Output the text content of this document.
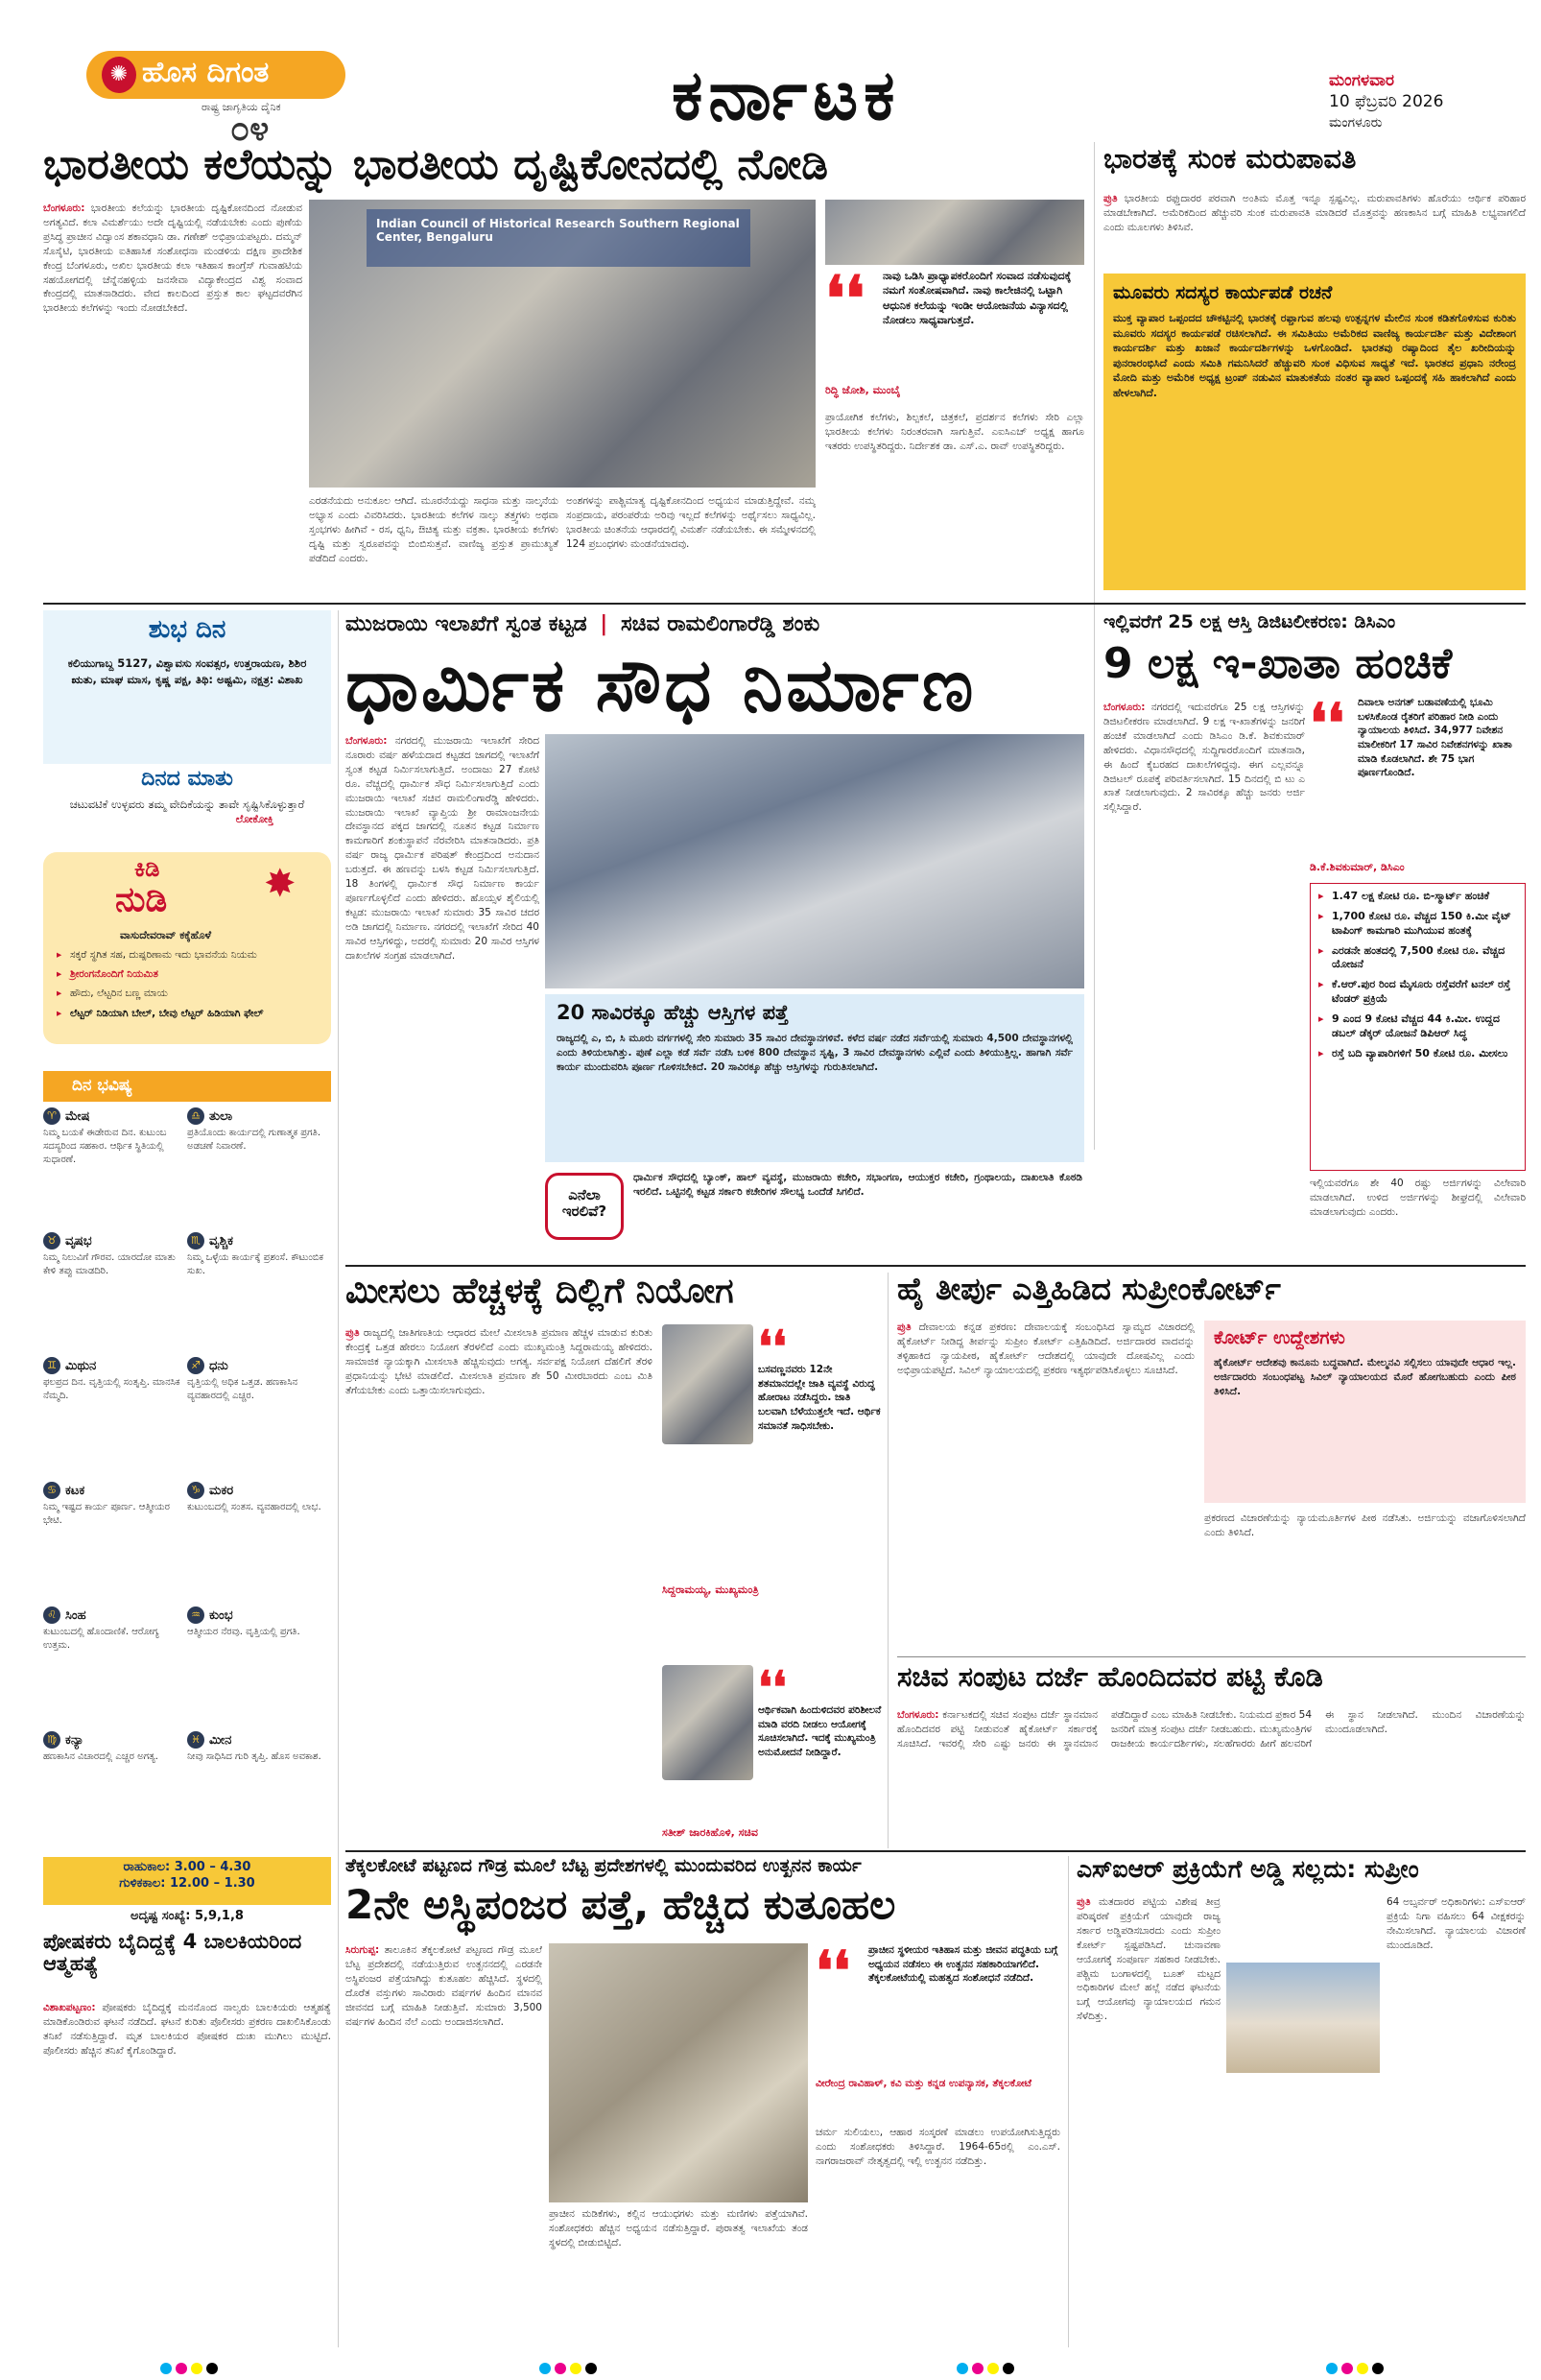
✺ ಹೊಸ ದಿಗಂತ
ರಾಷ್ಟ್ರ ಜಾಗೃತಿಯ ದೈನಿಕ
೦೪	ಕರ್ನಾಟಕ	ಮಂಗಳವಾರ
10 ಫೆಬ್ರವರಿ 2026
ಮಂಗಳೂರು
ಭಾರತೀಯ ಕಲೆಯನ್ನು ಭಾರತೀಯ ದೃಷ್ಟಿಕೋನದಲ್ಲಿ ನೋಡಿ
ಬೆಂಗಳೂರು: ಭಾರತೀಯ ಕಲೆಯನ್ನು ಭಾರತೀಯ ದೃಷ್ಟಿಕೋನದಿಂದ ನೋಡುವ ಅಗತ್ಯವಿದೆ. ಕಲಾ ವಿಮರ್ಶೆಯು ಅದೇ ದೃಷ್ಟಿಯಲ್ಲಿ ನಡೆಯಬೇಕು ಎಂದು ಪುಣೆಯ ಪ್ರಸಿದ್ಧ ಪ್ರಾಚೀನ ವಿದ್ವಾಂಸ ಶಕಾವಧಾನಿ ಡಾ. ಗಣೇಶ್ ಅಭಿಪ್ರಾಯಪಟ್ಟರು. ದಮ್ಮನ್ ಸೊಸೈಟಿ, ಭಾರತೀಯ ಐತಿಹಾಸಿಕ ಸಂಶೋಧನಾ ಮಂಡಳಿಯ ದಕ್ಷಿಣ ಪ್ರಾದೇಶಿಕ ಕೇಂದ್ರ ಬೆಂಗಳೂರು, ಅಖಿಲ ಭಾರತೀಯ ಕಲಾ ಇತಿಹಾಸ ಕಾಂಗ್ರೆಸ್ ಗುವಾಹಟಿಯ ಸಹಯೋಗದಲ್ಲಿ ಚೆನ್ನೆನಹಳ್ಳಿಯ ಜನಸೇವಾ ವಿದ್ಯಾಕೇಂದ್ರದ ವಿಶ್ವ ಸಂವಾದ ಕೇಂದ್ರದಲ್ಲಿ ಮಾತನಾಡಿದರು. ವೇದ ಕಾಲದಿಂದ ಪ್ರಸ್ತುತ ಕಾಲ ಘಟ್ಟದವರೆಗಿನ ಭಾರತೀಯ ಕಲೆಗಳನ್ನು ಇಂದು ನೋಡಬೇಕಿದೆ.
Indian Council of Historical Research Southern Regional Center, Bengaluru
ಎರಡನೆಯದು ಅನುಕೂಲ ಆಗಿದೆ. ಮೂರನೆಯದ್ದು ಸಾಧನಾ ಮತ್ತು ನಾಲ್ಕನೆಯ ಅಭ್ಯಾಸ ಎಂದು ವಿವರಿಸಿದರು. ಭಾರತೀಯ ಕಲೆಗಳ ನಾಲ್ಕು ತತ್ತ್ವಗಳು ಅಥವಾ ಸ್ತಂಭಗಳು ಹೀಗಿವೆ - ರಸ, ಧ್ವನಿ, ಔಚಿತ್ಯ ಮತ್ತು ವಕ್ರತಾ. ಭಾರತೀಯ ಕಲೆಗಳು ದೃಷ್ಟಿ ಮತ್ತು ಸ್ವರೂಪವನ್ನು ಬಿಂಬಿಸುತ್ತವೆ. ವಾಣಿಜ್ಯ ಪ್ರಸ್ತುತ ಪ್ರಾಮುಖ್ಯತೆ ಪಡೆದಿದೆ ಎಂದರು.
ಅಂಶಗಳನ್ನು ಪಾಶ್ಚಿಮಾತ್ಯ ದೃಷ್ಟಿಕೋನದಿಂದ ಅಧ್ಯಯನ ಮಾಡುತ್ತಿದ್ದೇವೆ. ನಮ್ಮ ಸಂಪ್ರದಾಯ, ಪರಂಪರೆಯ ಅರಿವು ಇಲ್ಲದೆ ಕಲೆಗಳನ್ನು ಅರ್ಥೈಸಲು ಸಾಧ್ಯವಿಲ್ಲ. ಭಾರತೀಯ ಚಿಂತನೆಯ ಆಧಾರದಲ್ಲಿ ವಿಮರ್ಶೆ ನಡೆಯಬೇಕು. ಈ ಸಮ್ಮೇಳನದಲ್ಲಿ 124 ಪ್ರಬಂಧಗಳು ಮಂಡನೆಯಾದವು.
❛❛ ನಾವು ಒಡಿಸಿ ಪ್ರಾಧ್ಯಾಪಕರೊಂದಿಗೆ ಸಂವಾದ ನಡೆಸುವುದಕ್ಕೆ ನಮಗೆ ಸಂತೋಷವಾಗಿದೆ. ನಾವು ಕಾಲೇಜಿನಲ್ಲಿ ಒಟ್ಟಾಗಿ ಆಧುನಿಕ ಕಲೆಯನ್ನು ಇಂಡೀ ಆಯೋಜನೆಯ ವಿನ್ಯಾಸದಲ್ಲಿ ನೋಡಲು ಸಾಧ್ಯವಾಗುತ್ತದೆ.
ರಿದ್ಧಿ ಜೋಶಿ, ಮುಂಬೈ
ಪ್ರಾಯೋಗಿಕ ಕಲೆಗಳು, ಶಿಲ್ಪಕಲೆ, ಚಿತ್ರಕಲೆ, ಪ್ರದರ್ಶನ ಕಲೆಗಳು ಸೇರಿ ಎಲ್ಲಾ ಭಾರತೀಯ ಕಲೆಗಳು ನಿರಂತರವಾಗಿ ಸಾಗುತ್ತಿವೆ. ಎಐಸಿಎಚ್ ಅಧ್ಯಕ್ಷ ಹಾಗೂ ಇತರರು ಉಪಸ್ಥಿತರಿದ್ದರು. ನಿರ್ದೇಶಕ ಡಾ. ಎಸ್.ಎ. ರಾವ್ ಉಪಸ್ಥಿತರಿದ್ದರು.
ಭಾರತಕ್ಕೆ ಸುಂಕ ಮರುಪಾವತಿ
ಪ್ರುತಿ ಭಾರತೀಯ ರಫ್ತುದಾರರ ಪರವಾಗಿ ಅಂತಿಮ ಮೊತ್ತ ಇನ್ನೂ ಸ್ಪಷ್ಟವಿಲ್ಲ. ಮರುಪಾವತಿಗಳು ಹೊರೆಯು ಆರ್ಥಿಕ ಪರಿಹಾರ ಮಾಡಬೇಕಾಗಿದೆ. ಅಮೆರಿಕದಿಂದ ಹೆಚ್ಚುವರಿ ಸುಂಕ ಮರುಪಾವತಿ ಮಾಡಿದರೆ ಮೊತ್ತವನ್ನು ಹಣಕಾಸಿನ ಬಗ್ಗೆ ಮಾಹಿತಿ ಲಭ್ಯವಾಗಲಿದೆ ಎಂದು ಮೂಲಗಳು ತಿಳಿಸಿವೆ.
ಮೂವರು ಸದಸ್ಯರ ಕಾರ್ಯಪಡೆ ರಚನೆ
ಮುಕ್ತ ವ್ಯಾಪಾರ ಒಪ್ಪಂದದ ಚೌಕಟ್ಟಿನಲ್ಲಿ ಭಾರತಕ್ಕೆ ರಫ್ತಾಗುವ ಹಲವು ಉತ್ಪನ್ನಗಳ ಮೇಲಿನ ಸುಂಕ ಕಡಿತಗೊಳಿಸುವ ಕುರಿತು ಮೂವರು ಸದಸ್ಯರ ಕಾರ್ಯಪಡೆ ರಚಿಸಲಾಗಿದೆ. ಈ ಸಮಿತಿಯು ಅಮೆರಿಕದ ವಾಣಿಜ್ಯ ಕಾರ್ಯದರ್ಶಿ ಮತ್ತು ವಿದೇಶಾಂಗ ಕಾರ್ಯದರ್ಶಿ ಮತ್ತು ಖಜಾನೆ ಕಾರ್ಯದರ್ಶಿಗಳನ್ನು ಒಳಗೊಂಡಿದೆ. ಭಾರತವು ರಷ್ಯಾದಿಂದ ತೈಲ ಖರೀದಿಯನ್ನು ಪುನರಾರಂಭಿಸಿದೆ ಎಂದು ಸಮಿತಿ ಗಮನಿಸಿದರೆ ಹೆಚ್ಚುವರಿ ಸುಂಕ ವಿಧಿಸುವ ಸಾಧ್ಯತೆ ಇದೆ. ಭಾರತದ ಪ್ರಧಾನಿ ನರೇಂದ್ರ ಮೋದಿ ಮತ್ತು ಅಮೆರಿಕ ಅಧ್ಯಕ್ಷ ಟ್ರಂಪ್ ನಡುವಿನ ಮಾತುಕತೆಯ ನಂತರ ವ್ಯಾಪಾರ ಒಪ್ಪಂದಕ್ಕೆ ಸಹಿ ಹಾಕಲಾಗಿದೆ ಎಂದು ಹೇಳಲಾಗಿದೆ.
ಶುಭ ದಿನ
ಕಲಿಯುಗಾಬ್ದ 5127, ವಿಶ್ವಾವಸು ಸಂವತ್ಸರ, ಉತ್ತರಾಯಣ, ಶಿಶಿರ ಋತು, ಮಾಘ ಮಾಸ, ಕೃಷ್ಣ ಪಕ್ಷ, ತಿಥಿ: ಅಷ್ಟಮಿ, ನಕ್ಷತ್ರ: ವಿಶಾಖ
ದಿನದ ಮಾತು
ಚಟುವಟಿಕೆ ಉಳ್ಳವರು ತಮ್ಮ ವೇದಿಕೆಯನ್ನು ತಾವೇ ಸೃಷ್ಟಿಸಿಕೊಳ್ಳುತ್ತಾರೆ
ಲೋಕೋಕ್ತಿ
ಕಿಡಿ
ನುಡಿ	✸
ವಾಸುದೇವರಾವ್ ಕಕ್ಕೆಹೊಳೆ
▸ ಸಕ್ಕರೆ ಸ್ಥಗಿತ ಸಹ, ದುಷ್ಪರಿಣಾಮ ಇದು ಭಾವನೆಯ ನಿಯಮ
▸ ಶ್ರೀರಂಗನೊಂದಿಗೆ ನಿಯಮಿತ
▸ ಹೌದು, ಲೆಟ್ಟರಿನ ಬಣ್ಣ ಮಾಯ
▸ ಲೆಟ್ಟರ್ ನಿಡಿಯಾಗಿ ಬೇಲ್, ಬೇವು ಲೆಟ್ಟರ್ ಹಿಡಿಯಾಗಿ ಫೇಲ್
ದಿನ ಭವಿಷ್ಯ
♈ ಮೇಷ
ನಿಮ್ಮ ಬಯಕೆ ಈಡೇರುವ ದಿನ. ಕುಟುಂಬ ಸದಸ್ಯರಿಂದ ಸಹಕಾರ. ಆರ್ಥಿಕ ಸ್ಥಿತಿಯಲ್ಲಿ ಸುಧಾರಣೆ.
♎ ತುಲಾ
ಪ್ರತಿಯೊಂದು ಕಾರ್ಯದಲ್ಲಿ ಗುಣಾತ್ಮಕ ಪ್ರಗತಿ. ಅಡಚಣೆ ನಿವಾರಣೆ.
♉ ವೃಷಭ
ನಿಮ್ಮ ನಿಲುವಿಗೆ ಗೌರವ. ಯಾರದೋ ಮಾತು ಕೇಳಿ ತಪ್ಪು ಮಾಡದಿರಿ.
♏ ವೃಶ್ಚಿಕ
ನಿಮ್ಮ ಒಳ್ಳೆಯ ಕಾರ್ಯಕ್ಕೆ ಪ್ರಶಂಸೆ. ಕೌಟುಂಬಿಕ ಸುಖ.
♊ ಮಿಥುನ
ಫಲಪ್ರದ ದಿನ. ವೃತ್ತಿಯಲ್ಲಿ ಸಂತೃಪ್ತಿ. ಮಾನಸಿಕ ನೆಮ್ಮದಿ.
♐ ಧನು
ವೃತ್ತಿಯಲ್ಲಿ ಅಧಿಕ ಒತ್ತಡ. ಹಣಕಾಸಿನ ವ್ಯವಹಾರದಲ್ಲಿ ಎಚ್ಚರ.
♋ ಕಟಕ
ನಿಮ್ಮ ಇಷ್ಟದ ಕಾರ್ಯ ಪೂರ್ಣ. ಆತ್ಮೀಯರ ಭೇಟಿ.
♑ ಮಕರ
ಕುಟುಂಬದಲ್ಲಿ ಸಂತಸ. ವ್ಯವಹಾರದಲ್ಲಿ ಲಾಭ.
♌ ಸಿಂಹ
ಕುಟುಂಬದಲ್ಲಿ ಹೊಂದಾಣಿಕೆ. ಆರೋಗ್ಯ ಉತ್ತಮ.
♒ ಕುಂಭ
ಆತ್ಮೀಯರ ನೆರವು. ವೃತ್ತಿಯಲ್ಲಿ ಪ್ರಗತಿ.
♍ ಕನ್ಯಾ
ಹಣಕಾಸಿನ ವಿಚಾರದಲ್ಲಿ ಎಚ್ಚರ ಅಗತ್ಯ.
♓ ಮೀನ
ನೀವು ಸಾಧಿಸಿದ ಗುರಿ ತೃಪ್ತಿ. ಹೊಸ ಅವಕಾಶ.
ರಾಹುಕಾಲ: 3.00 – 4.30
ಗುಳಿಕಕಾಲ: 12.00 – 1.30
ಅದೃಷ್ಟ ಸಂಖ್ಯೆ: 5,9,1,8
ಪೋಷಕರು ಬೈದಿದ್ದಕ್ಕೆ 4 ಬಾಲಕಿಯರಿಂದ ಆತ್ಮಹತ್ಯೆ
ವಿಶಾಖಪಟ್ಟಣಂ: ಪೋಷಕರು ಬೈದಿದ್ದಕ್ಕೆ ಮನನೊಂದ ನಾಲ್ವರು ಬಾಲಕಿಯರು ಆತ್ಮಹತ್ಯೆ ಮಾಡಿಕೊಂಡಿರುವ ಘಟನೆ ನಡೆದಿದೆ. ಘಟನೆ ಕುರಿತು ಪೊಲೀಸರು ಪ್ರಕರಣ ದಾಖಲಿಸಿಕೊಂಡು ತನಿಖೆ ನಡೆಸುತ್ತಿದ್ದಾರೆ. ಮೃತ ಬಾಲಕಿಯರ ಪೋಷಕರ ದುಃಖ ಮುಗಿಲು ಮುಟ್ಟಿದೆ. ಪೊಲೀಸರು ಹೆಚ್ಚಿನ ತನಿಖೆ ಕೈಗೊಂಡಿದ್ದಾರೆ.
ಮುಜರಾಯಿ ಇಲಾಖೆಗೆ ಸ್ವಂತ ಕಟ್ಟಡ | ಸಚಿವ ರಾಮಲಿಂಗಾರೆಡ್ಡಿ ಶಂಕು
ಧಾರ್ಮಿಕ ಸೌಧ ನಿರ್ಮಾಣ
ಬೆಂಗಳೂರು: ನಗರದಲ್ಲಿ ಮುಜರಾಯಿ ಇಲಾಖೆಗೆ ಸೇರಿದ ನೂರಾರು ವರ್ಷ ಹಳೆಯದಾದ ಕಟ್ಟಡದ ಜಾಗದಲ್ಲಿ ಇಲಾಖೆಗೆ ಸ್ವಂತ ಕಟ್ಟಡ ನಿರ್ಮಿಸಲಾಗುತ್ತಿದೆ. ಅಂದಾಜು 27 ಕೋಟಿ ರೂ. ವೆಚ್ಚದಲ್ಲಿ ಧಾರ್ಮಿಕ ಸೌಧ ನಿರ್ಮಿಸಲಾಗುತ್ತಿದೆ ಎಂದು ಮುಜರಾಯಿ ಇಲಾಖೆ ಸಚಿವ ರಾಮಲಿಂಗಾರೆಡ್ಡಿ ಹೇಳಿದರು. ಮುಜರಾಯಿ ಇಲಾಖೆ ವ್ಯಾಪ್ತಿಯ ಶ್ರೀ ರಾಮಾಂಜನೇಯ ದೇವಸ್ಥಾನದ ಪಕ್ಕದ ಜಾಗದಲ್ಲಿ ನೂತನ ಕಟ್ಟಡ ನಿರ್ಮಾಣ ಕಾಮಗಾರಿಗೆ ಶಂಕುಸ್ಥಾಪನೆ ನೆರವೇರಿಸಿ ಮಾತನಾಡಿದರು. ಪ್ರತಿ ವರ್ಷ ರಾಜ್ಯ ಧಾರ್ಮಿಕ ಪರಿಷತ್ ಕೇಂದ್ರದಿಂದ ಅನುದಾನ ಬರುತ್ತದೆ. ಈ ಹಣವನ್ನು ಬಳಸಿ ಕಟ್ಟಡ ನಿರ್ಮಿಸಲಾಗುತ್ತಿದೆ. 18 ತಿಂಗಳಲ್ಲಿ ಧಾರ್ಮಿಕ ಸೌಧ ನಿರ್ಮಾಣ ಕಾರ್ಯ ಪೂರ್ಣಗೊಳ್ಳಲಿದೆ ಎಂದು ಹೇಳಿದರು. ಹೊಯ್ಸಳ ಶೈಲಿಯಲ್ಲಿ ಕಟ್ಟಡ: ಮುಜರಾಯಿ ಇಲಾಖೆ ಸುಮಾರು 35 ಸಾವಿರ ಚದರ ಅಡಿ ಜಾಗದಲ್ಲಿ ನಿರ್ಮಾಣ. ನಗರದಲ್ಲಿ ಇಲಾಖೆಗೆ ಸೇರಿದ 40 ಸಾವಿರ ಆಸ್ತಿಗಳಿದ್ದು, ಅದರಲ್ಲಿ ಸುಮಾರು 20 ಸಾವಿರ ಆಸ್ತಿಗಳ ದಾಖಲೆಗಳ ಸಂಗ್ರಹ ಮಾಡಲಾಗಿದೆ.
20 ಸಾವಿರಕ್ಕೂ ಹೆಚ್ಚು ಆಸ್ತಿಗಳ ಪತ್ತೆ
ರಾಜ್ಯದಲ್ಲಿ ಎ, ಬಿ, ಸಿ ಮೂರು ವರ್ಗಗಳಲ್ಲಿ ಸೇರಿ ಸುಮಾರು 35 ಸಾವಿರ ದೇವಸ್ಥಾನಗಳಿವೆ. ಕಳೆದ ವರ್ಷ ನಡೆದ ಸರ್ವೆಯಲ್ಲಿ ಸುಮಾರು 4,500 ದೇವಸ್ಥಾನಗಳಲ್ಲಿ ಎಂದು ತಿಳಿಯಲಾಗಿತ್ತು. ಪುಣೆ ಎಲ್ಲಾ ಕಡೆ ಸರ್ವೆ ನಡೆಸಿ ಬಳಿಕ 800 ದೇವಸ್ಥಾನ ಸೃಷ್ಟಿ, 3 ಸಾವಿರ ದೇವಸ್ಥಾನಗಳು ಎಲ್ಲಿವೆ ಎಂದು ತಿಳಿಯುತ್ತಿಲ್ಲ. ಹಾಗಾಗಿ ಸರ್ವೆ ಕಾರ್ಯ ಮುಂದುವರಿಸಿ ಪೂರ್ಣ ಗೊಳಿಸಬೇಕಿದೆ. 20 ಸಾವಿರಕ್ಕೂ ಹೆಚ್ಚು ಆಸ್ತಿಗಳನ್ನು ಗುರುತಿಸಲಾಗಿದೆ.
ಎನೆಲಾ
ಇರಲಿವೆ?
ಧಾರ್ಮಿಕ ಸೌಧದಲ್ಲಿ ಬ್ಯಾಂಕ್, ಹಾಲ್ ವ್ಯವಸ್ಥೆ, ಮುಜರಾಯಿ ಕಚೇರಿ, ಸಭಾಂಗಣ, ಆಯುಕ್ತರ ಕಚೇರಿ, ಗ್ರಂಥಾಲಯ, ದಾಖಲಾತಿ ಕೊಠಡಿ ಇರಲಿದೆ. ಒಟ್ಟಿನಲ್ಲಿ ಕಟ್ಟಡ ಸರ್ಕಾರಿ ಕಚೇರಿಗಳ ಸೌಲಭ್ಯ ಒಂದೆಡೆ ಸಿಗಲಿದೆ.
ಇಲ್ಲಿವರೆಗೆ 25 ಲಕ್ಷ ಆಸ್ತಿ ಡಿಜಿಟಲೀಕರಣ: ಡಿಸಿಎಂ
9 ಲಕ್ಷ ಇ-ಖಾತಾ ಹಂಚಿಕೆ
ಬೆಂಗಳೂರು: ನಗರದಲ್ಲಿ ಇದುವರೆಗೂ 25 ಲಕ್ಷ ಆಸ್ತಿಗಳನ್ನು ಡಿಜಿಟಲೀಕರಣ ಮಾಡಲಾಗಿದೆ. 9 ಲಕ್ಷ ಇ-ಖಾತೆಗಳನ್ನು ಜನರಿಗೆ ಹಂಚಿಕೆ ಮಾಡಲಾಗಿದೆ ಎಂದು ಡಿಸಿಎಂ ಡಿ.ಕೆ. ಶಿವಕುಮಾರ್ ಹೇಳಿದರು. ವಿಧಾನಸೌಧದಲ್ಲಿ ಸುದ್ದಿಗಾರರೊಂದಿಗೆ ಮಾತನಾಡಿ, ಈ ಹಿಂದೆ ಕೈಬರಹದ ದಾಖಲೆಗಳಿದ್ದವು. ಈಗ ಎಲ್ಲವನ್ನೂ ಡಿಜಿಟಲ್ ರೂಪಕ್ಕೆ ಪರಿವರ್ತಿಸಲಾಗಿದೆ. 15 ದಿನದಲ್ಲಿ ಬಿ ಟು ಎ ಖಾತೆ ನೀಡಲಾಗುವುದು. 2 ಸಾವಿರಕ್ಕೂ ಹೆಚ್ಚು ಜನರು ಅರ್ಜಿ ಸಲ್ಲಿಸಿದ್ದಾರೆ.
❛❛ ದಿವಾಲಾ ಅನಗತ್ ಬಡಾವಣೆಯಲ್ಲಿ ಭೂಮಿ ಬಳಸಿಕೊಂಡ ರೈತರಿಗೆ ಪರಿಹಾರ ನೀಡಿ ಎಂದು ನ್ಯಾಯಾಲಯ ತಿಳಿಸಿದೆ. 34,977 ನಿವೇಶನ ಮಾಲೀಕರಿಗೆ 17 ಸಾವಿರ ನಿವೇಶನಗಳನ್ನು ಖಾತಾ ಮಾಡಿ ಕೊಡಲಾಗಿದೆ. ಶೇ 75 ಭಾಗ ಪೂರ್ಣಗೊಂಡಿದೆ.
ಡಿ.ಕೆ.ಶಿವಕುಮಾರ್, ಡಿಸಿಎಂ
▸ 1.47 ಲಕ್ಷ ಕೋಟಿ ರೂ. ಬಿ-ಸ್ಮಾರ್ಟ್ ಹಂಚಿಕೆ
▸ 1,700 ಕೋಟಿ ರೂ. ವೆಚ್ಚದ 150 ಕಿ.ಮೀ ವೈಟ್ ಟಾಪಿಂಗ್ ಕಾಮಗಾರಿ ಮುಗಿಯುವ ಹಂತಕ್ಕೆ
▸ ಎರಡನೇ ಹಂತದಲ್ಲಿ 7,500 ಕೋಟಿ ರೂ. ವೆಚ್ಚದ ಯೋಜನೆ
▸ ಕೆ.ಆರ್.ಪುರ ರಿಂದ ಮೈಸೂರು ರಸ್ತೆವರೆಗೆ ಟನಲ್ ರಸ್ತೆ ಟೆಂಡರ್ ಪ್ರಕ್ರಿಯೆ
▸ 9 ಎಂದ 9 ಕೋಟಿ ವೆಚ್ಚದ 44 ಕಿ.ಮೀ. ಉದ್ದದ ಡಬಲ್ ಡೆಕ್ಕರ್ ಯೋಜನೆ ಡಿಪಿಆರ್ ಸಿದ್ಧ
▸ ರಸ್ತೆ ಬದಿ ವ್ಯಾಪಾರಿಗಳಿಗೆ 50 ಕೋಟಿ ರೂ. ಮೀಸಲು
ಇಲ್ಲಿಯವರೆಗೂ ಶೇ 40 ರಷ್ಟು ಅರ್ಜಿಗಳನ್ನು ವಿಲೇವಾರಿ ಮಾಡಲಾಗಿದೆ. ಉಳಿದ ಅರ್ಜಿಗಳನ್ನು ಶೀಘ್ರದಲ್ಲಿ ವಿಲೇವಾರಿ ಮಾಡಲಾಗುವುದು ಎಂದರು.
ಮೀಸಲು ಹೆಚ್ಚಳಕ್ಕೆ ದಿಲ್ಲಿಗೆ ನಿಯೋಗ
ಪ್ರುತಿ ರಾಜ್ಯದಲ್ಲಿ ಜಾತಿಗಣತಿಯ ಆಧಾರದ ಮೇಲೆ ಮೀಸಲಾತಿ ಪ್ರಮಾಣ ಹೆಚ್ಚಳ ಮಾಡುವ ಕುರಿತು ಕೇಂದ್ರಕ್ಕೆ ಒತ್ತಡ ಹೇರಲು ನಿಯೋಗ ತೆರಳಲಿದೆ ಎಂದು ಮುಖ್ಯಮಂತ್ರಿ ಸಿದ್ದರಾಮಯ್ಯ ಹೇಳಿದರು. ಸಾಮಾಜಿಕ ನ್ಯಾಯಕ್ಕಾಗಿ ಮೀಸಲಾತಿ ಹೆಚ್ಚಿಸುವುದು ಅಗತ್ಯ. ಸರ್ವಪಕ್ಷ ನಿಯೋಗ ದೆಹಲಿಗೆ ತೆರಳಿ ಪ್ರಧಾನಿಯನ್ನು ಭೇಟಿ ಮಾಡಲಿದೆ. ಮೀಸಲಾತಿ ಪ್ರಮಾಣ ಶೇ 50 ಮೀರಬಾರದು ಎಂಬ ಮಿತಿ ತೆಗೆಯಬೇಕು ಎಂದು ಒತ್ತಾಯಿಸಲಾಗುವುದು.
❛❛
ಬಸವಣ್ಣನವರು 12ನೇ ಶತಮಾನದಲ್ಲೇ ಜಾತಿ ವ್ಯವಸ್ಥೆ ವಿರುದ್ಧ ಹೋರಾಟ ನಡೆಸಿದ್ದರು. ಜಾತಿ ಬಲವಾಗಿ ಬೆಳೆಯುತ್ತಲೇ ಇದೆ. ಆರ್ಥಿಕ ಸಮಾನತೆ ಸಾಧಿಸಬೇಕು.
ಸಿದ್ದರಾಮಯ್ಯ, ಮುಖ್ಯಮಂತ್ರಿ
❛❛
ಆರ್ಥಿಕವಾಗಿ ಹಿಂದುಳಿದವರ ಪರಿಶೀಲನೆ ಮಾಡಿ ವರದಿ ನೀಡಲು ಆಯೋಗಕ್ಕೆ ಸೂಚಿಸಲಾಗಿದೆ. ಇದಕ್ಕೆ ಮುಖ್ಯಮಂತ್ರಿ ಅನುಮೋದನೆ ನೀಡಿದ್ದಾರೆ.
ಸತೀಶ್ ಜಾರಕಿಹೊಳಿ, ಸಚಿವ
ಹೈ ತೀರ್ಪು ಎತ್ತಿಹಿಡಿದ ಸುಪ್ರೀಂಕೋರ್ಟ್
ಪ್ರುತಿ ದೇವಾಲಯ ಕನ್ನಡ ಪ್ರಕರಣ: ದೇವಾಲಯಕ್ಕೆ ಸಂಬಂಧಿಸಿದ ಸ್ವಾಮ್ಯದ ವಿಚಾರದಲ್ಲಿ ಹೈಕೋರ್ಟ್ ನೀಡಿದ್ದ ತೀರ್ಪನ್ನು ಸುಪ್ರೀಂ ಕೋರ್ಟ್ ಎತ್ತಿಹಿಡಿದಿದೆ. ಅರ್ಜಿದಾರರ ವಾದವನ್ನು ತಳ್ಳಿಹಾಕಿದ ನ್ಯಾಯಪೀಠ, ಹೈಕೋರ್ಟ್ ಆದೇಶದಲ್ಲಿ ಯಾವುದೇ ದೋಷವಿಲ್ಲ ಎಂದು ಅಭಿಪ್ರಾಯಪಟ್ಟಿದೆ. ಸಿವಿಲ್ ನ್ಯಾಯಾಲಯದಲ್ಲಿ ಪ್ರಕರಣ ಇತ್ಯರ್ಥಪಡಿಸಿಕೊಳ್ಳಲು ಸೂಚಿಸಿದೆ.
ಕೋರ್ಟ್ ಉದ್ದೇಶಗಳು
ಹೈಕೋರ್ಟ್ ಆದೇಶವು ಕಾನೂನು ಬದ್ಧವಾಗಿದೆ. ಮೇಲ್ಮನವಿ ಸಲ್ಲಿಸಲು ಯಾವುದೇ ಆಧಾರ ಇಲ್ಲ. ಅರ್ಜಿದಾರರು ಸಂಬಂಧಪಟ್ಟ ಸಿವಿಲ್ ನ್ಯಾಯಾಲಯದ ಮೊರೆ ಹೋಗಬಹುದು ಎಂದು ಪೀಠ ತಿಳಿಸಿದೆ.
ಪ್ರಕರಣದ ವಿಚಾರಣೆಯನ್ನು ನ್ಯಾಯಮೂರ್ತಿಗಳ ಪೀಠ ನಡೆಸಿತು. ಅರ್ಜಿಯನ್ನು ವಜಾಗೊಳಿಸಲಾಗಿದೆ ಎಂದು ತಿಳಿಸಿದೆ.
ಸಚಿವ ಸಂಪುಟ ದರ್ಜೆ ಹೊಂದಿದವರ ಪಟ್ಟಿ ಕೊಡಿ
ಬೆಂಗಳೂರು: ಕರ್ನಾಟಕದಲ್ಲಿ ಸಚಿವ ಸಂಪುಟ ದರ್ಜೆ ಸ್ಥಾನಮಾನ ಹೊಂದಿದವರ ಪಟ್ಟಿ ನೀಡುವಂತೆ ಹೈಕೋರ್ಟ್ ಸರ್ಕಾರಕ್ಕೆ ಸೂಚಿಸಿದೆ. ಇವರಲ್ಲಿ ಸೇರಿ ಎಷ್ಟು ಜನರು ಈ ಸ್ಥಾನಮಾನ ಪಡೆದಿದ್ದಾರೆ ಎಂಬ ಮಾಹಿತಿ ನೀಡಬೇಕು. ನಿಯಮದ ಪ್ರಕಾರ 54 ಜನರಿಗೆ ಮಾತ್ರ ಸಂಪುಟ ದರ್ಜೆ ನೀಡಬಹುದು. ಮುಖ್ಯಮಂತ್ರಿಗಳ ರಾಜಕೀಯ ಕಾರ್ಯದರ್ಶಿಗಳು, ಸಲಹೆಗಾರರು ಹೀಗೆ ಹಲವರಿಗೆ ಈ ಸ್ಥಾನ ನೀಡಲಾಗಿದೆ. ಮುಂದಿನ ವಿಚಾರಣೆಯನ್ನು ಮುಂದೂಡಲಾಗಿದೆ.
ತೆಕ್ಕಲಕೋಟೆ ಪಟ್ಟಣದ ಗೌಡ್ರ ಮೂಲೆ ಬೆಟ್ಟ ಪ್ರದೇಶಗಳಲ್ಲಿ ಮುಂದುವರಿದ ಉತ್ಖನನ ಕಾರ್ಯ
2ನೇ ಅಸ್ಥಿಪಂಜರ ಪತ್ತೆ, ಹೆಚ್ಚಿದ ಕುತೂಹಲ
ಸಿರುಗುಪ್ಪ: ತಾಲೂಕಿನ ತೆಕ್ಕಲಕೋಟೆ ಪಟ್ಟಣದ ಗೌಡ್ರ ಮೂಲೆ ಬೆಟ್ಟ ಪ್ರದೇಶದಲ್ಲಿ ನಡೆಯುತ್ತಿರುವ ಉತ್ಖನನದಲ್ಲಿ ಎರಡನೇ ಅಸ್ಥಿಪಂಜರ ಪತ್ತೆಯಾಗಿದ್ದು ಕುತೂಹಲ ಹೆಚ್ಚಿಸಿದೆ. ಸ್ಥಳದಲ್ಲಿ ದೊರೆತ ವಸ್ತುಗಳು ಸಾವಿರಾರು ವರ್ಷಗಳ ಹಿಂದಿನ ಮಾನವ ಜೀವನದ ಬಗ್ಗೆ ಮಾಹಿತಿ ನೀಡುತ್ತಿವೆ. ಸುಮಾರು 3,500 ವರ್ಷಗಳ ಹಿಂದಿನ ನೆಲೆ ಎಂದು ಅಂದಾಜಿಸಲಾಗಿದೆ.
ಪ್ರಾಚೀನ ಮಡಿಕೆಗಳು, ಕಲ್ಲಿನ ಆಯುಧಗಳು ಮತ್ತು ಮಣಿಗಳು ಪತ್ತೆಯಾಗಿವೆ. ಸಂಶೋಧಕರು ಹೆಚ್ಚಿನ ಅಧ್ಯಯನ ನಡೆಸುತ್ತಿದ್ದಾರೆ. ಪುರಾತತ್ವ ಇಲಾಖೆಯ ತಂಡ ಸ್ಥಳದಲ್ಲಿ ಬೀಡುಬಿಟ್ಟಿದೆ.
❛❛ ಪ್ರಾಚೀನ ಸ್ಥಳೀಯರ ಇತಿಹಾಸ ಮತ್ತು ಜೀವನ ಪದ್ಧತಿಯ ಬಗ್ಗೆ ಅಧ್ಯಯನ ನಡೆಸಲು ಈ ಉತ್ಖನನ ಸಹಕಾರಿಯಾಗಲಿದೆ. ತೆಕ್ಕಲಕೋಟೆಯಲ್ಲಿ ಮಹತ್ವದ ಸಂಶೋಧನೆ ನಡೆದಿದೆ.
ವೀರೇಂದ್ರ ರಾವಿಹಾಳ್, ಕವಿ ಮತ್ತು ಕನ್ನಡ ಉಪನ್ಯಾಸಕ, ತೆಕ್ಕಲಕೋಟೆ
ಚರ್ಮ ಸುಲಿಯಲು, ಆಹಾರ ಸಂಸ್ಕರಣೆ ಮಾಡಲು ಉಪಯೋಗಿಸುತ್ತಿದ್ದರು ಎಂದು ಸಂಶೋಧಕರು ತಿಳಿಸಿದ್ದಾರೆ. 1964-65ರಲ್ಲಿ ಎಂ.ಎಸ್. ನಾಗರಾಜರಾವ್ ನೇತೃತ್ವದಲ್ಲಿ ಇಲ್ಲಿ ಉತ್ಖನನ ನಡೆದಿತ್ತು.
ಎಸ್‌ಐಆರ್ ಪ್ರಕ್ರಿಯೆಗೆ ಅಡ್ಡಿ ಸಲ್ಲದು: ಸುಪ್ರೀಂ
ಪ್ರುತಿ ಮತದಾರರ ಪಟ್ಟಿಯ ವಿಶೇಷ ತೀವ್ರ ಪರಿಷ್ಕರಣೆ ಪ್ರಕ್ರಿಯೆಗೆ ಯಾವುದೇ ರಾಜ್ಯ ಸರ್ಕಾರ ಅಡ್ಡಿಪಡಿಸಬಾರದು ಎಂದು ಸುಪ್ರೀಂ ಕೋರ್ಟ್ ಸ್ಪಷ್ಟಪಡಿಸಿದೆ. ಚುನಾವಣಾ ಆಯೋಗಕ್ಕೆ ಸಂಪೂರ್ಣ ಸಹಕಾರ ನೀಡಬೇಕು. ಪಶ್ಚಿಮ ಬಂಗಾಳದಲ್ಲಿ ಬೂತ್ ಮಟ್ಟದ ಅಧಿಕಾರಿಗಳ ಮೇಲೆ ಹಲ್ಲೆ ನಡೆದ ಘಟನೆಯ ಬಗ್ಗೆ ಆಯೋಗವು ನ್ಯಾಯಾಲಯದ ಗಮನ ಸೆಳೆದಿತ್ತು.
64 ಅಬ್ಸರ್ವರ್ ಅಧಿಕಾರಿಗಳು: ಎಸ್‌ಐಆರ್ ಪ್ರಕ್ರಿಯೆ ನಿಗಾ ವಹಿಸಲು 64 ವೀಕ್ಷಕರನ್ನು ನೇಮಿಸಲಾಗಿದೆ. ನ್ಯಾಯಾಲಯ ವಿಚಾರಣೆ ಮುಂದೂಡಿದೆ.
